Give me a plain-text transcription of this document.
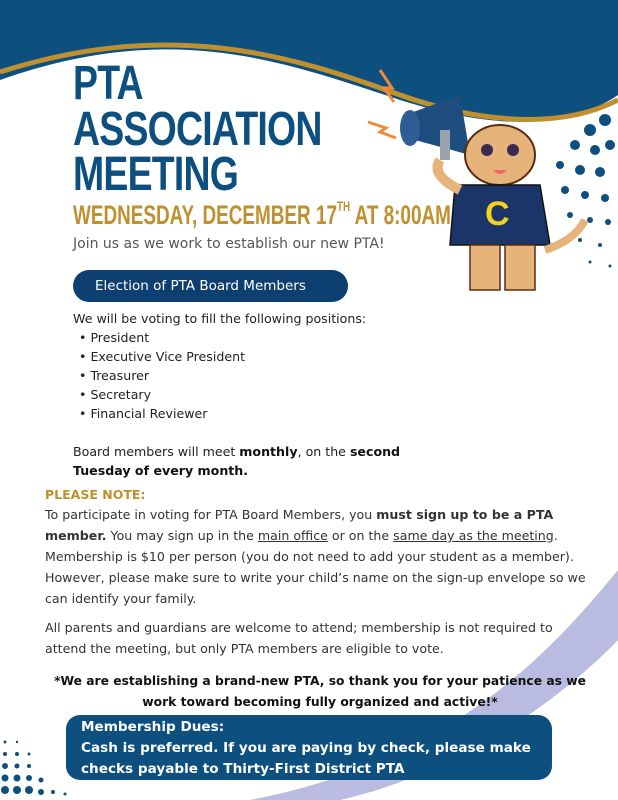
C
PTA
ASSOCIATION
MEETING
WEDNESDAY, DECEMBER 17TH AT 8:00AM
Join us as we work to establish our new PTA!
Election of PTA Board Members
We will be voting to fill the following positions:
• President
• Executive Vice President
• Treasurer
• Secretary
• Financial Reviewer
Board members will meet monthly, on the second Tuesday of every month.
PLEASE NOTE:
To participate in voting for PTA Board Members, you must sign up to be a PTA member. You may sign up in the main office or on the same day as the meeting. Membership is $10 per person (you do not need to add your student as a member). However, please make sure to write your child’s name on the sign-up envelope so we can identify your family.
All parents and guardians are welcome to attend; membership is not required to attend the meeting, but only PTA members are eligible to vote.
*We are establishing a brand-new PTA, so thank you for your patience as we work toward becoming fully organized and active!*
Membership Dues:
Cash is preferred. If you are paying by check, please make checks payable to Thirty-First District PTA
